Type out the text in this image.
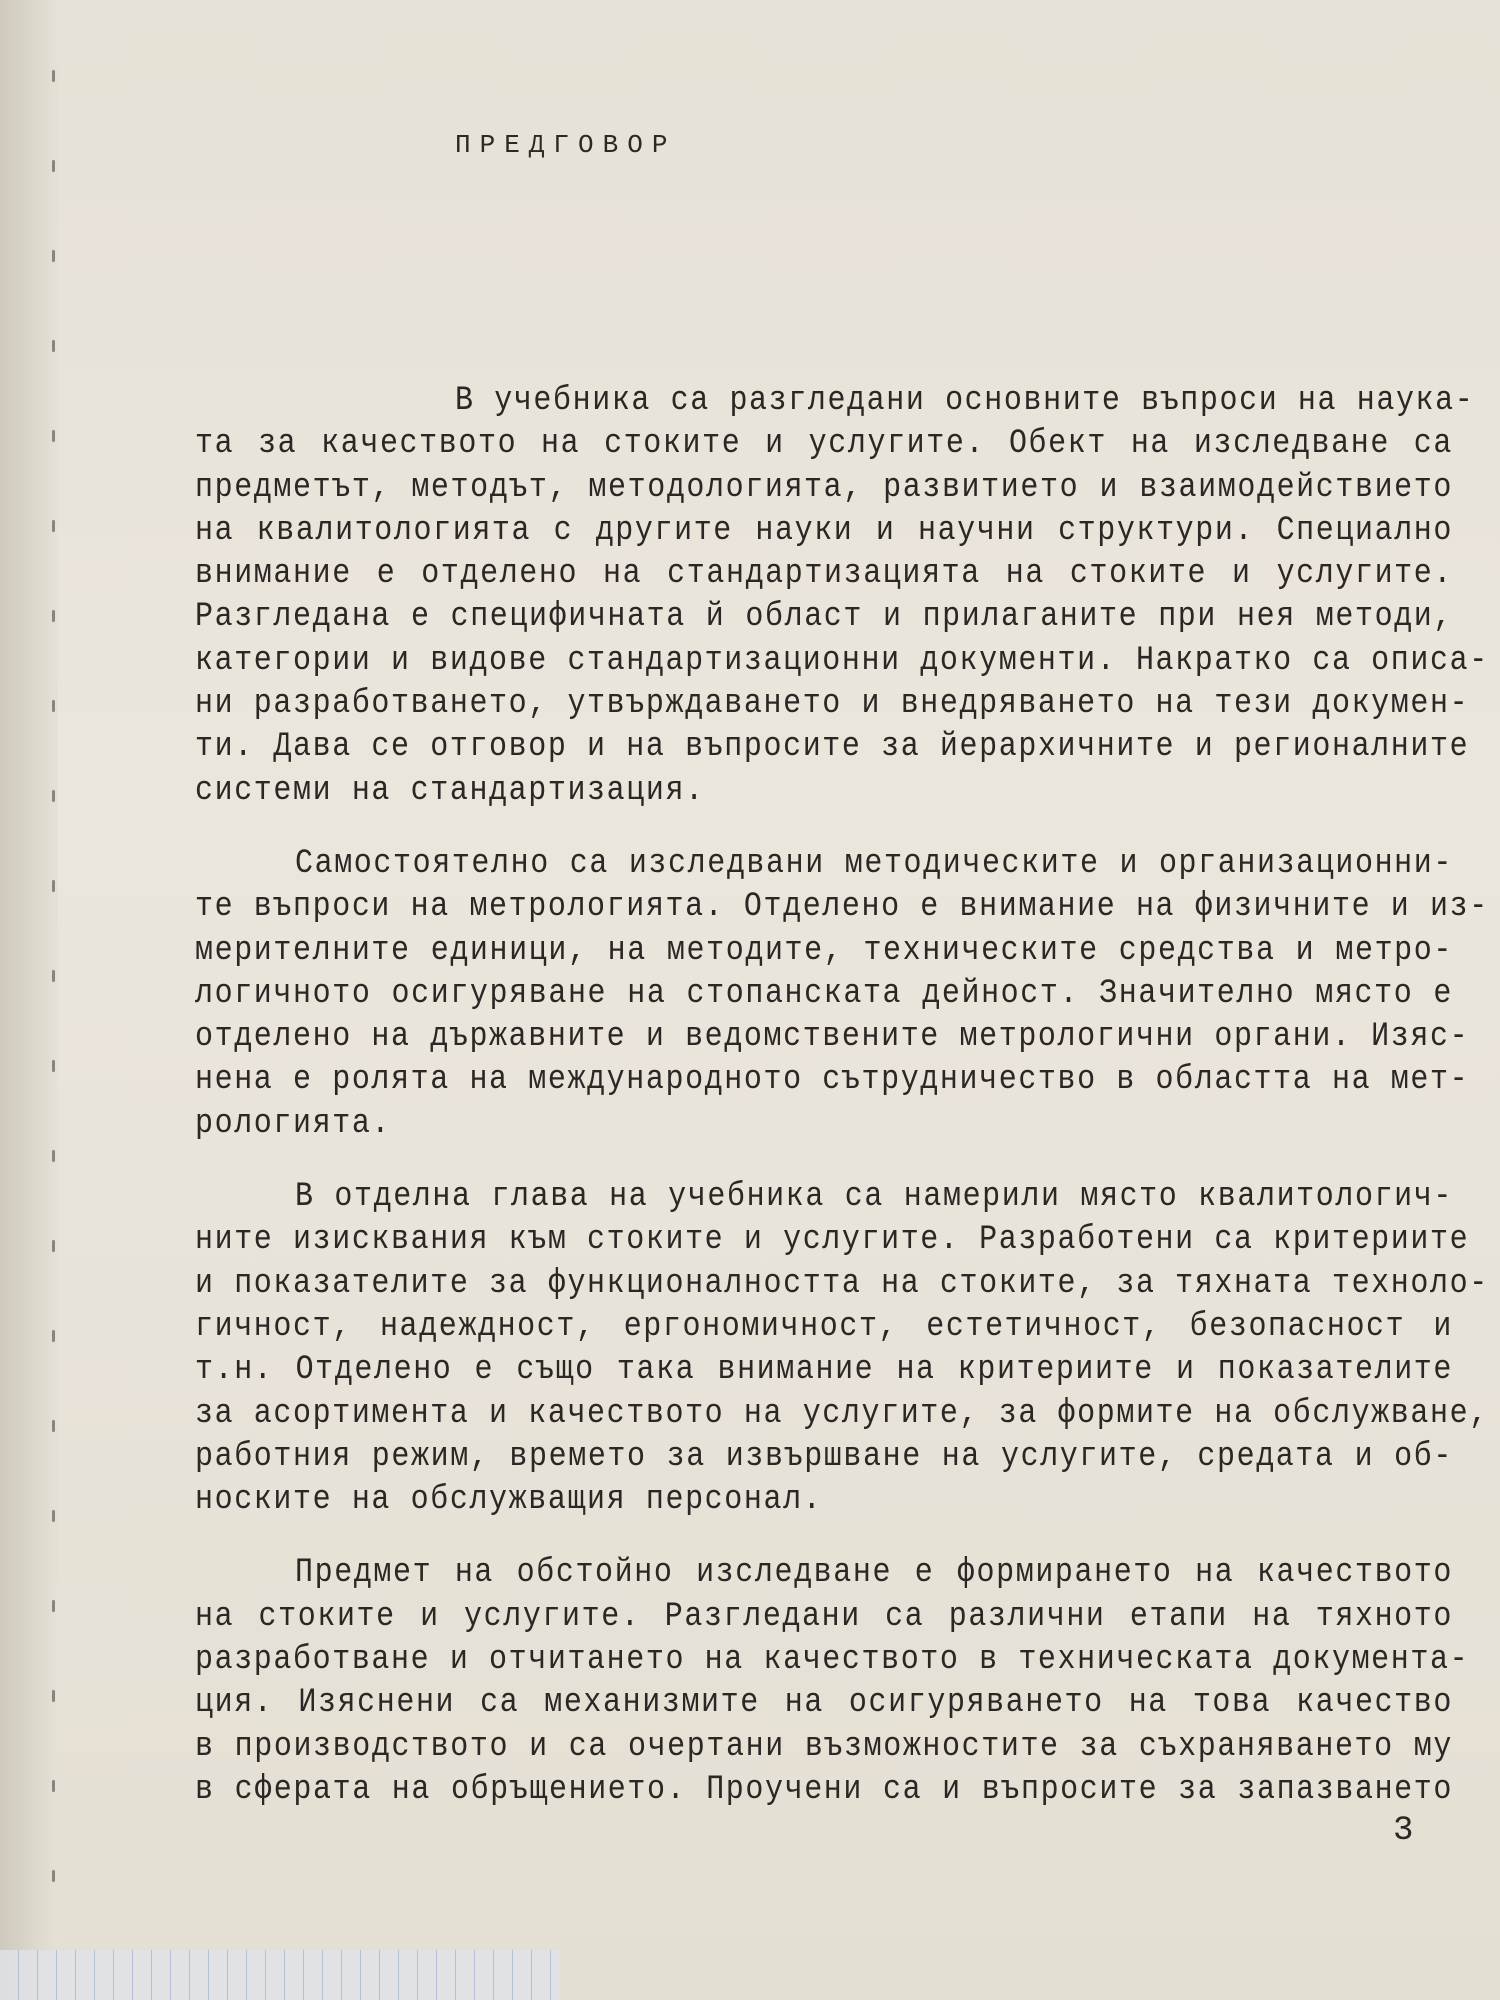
ПРЕДГОВОР
В учебника са разгледани основните въпроси на наука-
та за качеството на стоките и услугите. Обект на изследване са
предметът, методът, методологията, развитието и взаимодействието
на квалитологията с другите науки и научни структури. Специално
внимание е отделено на стандартизацията на стоките и услугите.
Разгледана е специфичната й област и прилаганите при нея методи,
категории и видове стандартизационни документи. Накратко са описа-
ни разработването, утвърждаването и внедряването на тези докумен-
ти. Дава се отговор и на въпросите за йерархичните и регионалните
системи на стандартизация.
Самостоятелно са изследвани методическите и организационни-
те въпроси на метрологията. Отделено е внимание на физичните и из-
мерителните единици, на методите, техническите средства и метро-
логичното осигуряване на стопанската дейност. Значително място е
отделено на държавните и ведомствените метрологични органи. Изяс-
нена е ролята на международното сътрудничество в областта на мет-
рологията.
В отделна глава на учебника са намерили място квалитологич-
ните изисквания към стоките и услугите. Разработени са критериите
и показателите за функционалността на стоките, за тяхната техноло-
гичност, надеждност, ергономичност, естетичност, безопасност и
т.н. Отделено е също така внимание на критериите и показателите
за асортимента и качеството на услугите, за формите на обслужване,
работния режим, времето за извършване на услугите, средата и об-
носките на обслужващия персонал.
Предмет на обстойно изследване е формирането на качеството
на стоките и услугите. Разгледани са различни етапи на тяхното
разработване и отчитането на качеството в техническата документа-
ция. Изяснени са механизмите на осигуряването на това качество
в производството и са очертани възможностите за съхраняването му
в сферата на обръщението. Проучени са и въпросите за запазването
3
